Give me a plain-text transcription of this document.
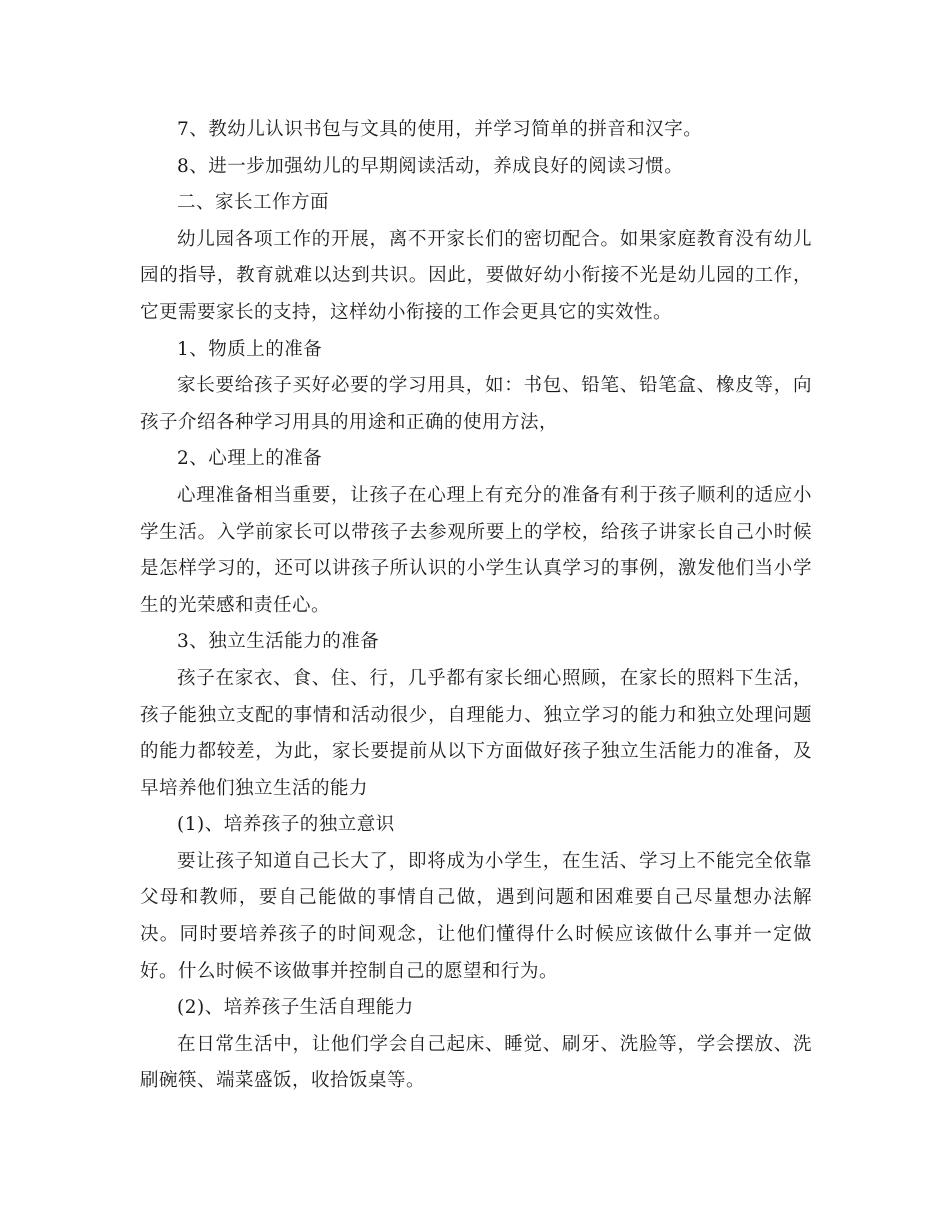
7、教幼儿认识书包与文具的使用，并学习简单的拼音和汉字。

8、进一步加强幼儿的早期阅读活动，养成良好的阅读习惯。

二、家长工作方面

幼儿园各项工作的开展，离不开家长们的密切配合。如果家庭教育没有幼儿园的指导，教育就难以达到共识。因此，要做好幼小衔接不光是幼儿园的工作，它更需要家长的支持，这样幼小衔接的工作会更具它的实效性。

1、物质上的准备

家长要给孩子买好必要的学习用具，如：书包、铅笔、铅笔盒、橡皮等，向孩子介绍各种学习用具的用途和正确的使用方法，

2、心理上的准备

心理准备相当重要，让孩子在心理上有充分的准备有利于孩子顺利的适应小学生活。入学前家长可以带孩子去参观所要上的学校，给孩子讲家长自己小时候是怎样学习的，还可以讲孩子所认识的小学生认真学习的事例，激发他们当小学生的光荣感和责任心。

3、独立生活能力的准备

孩子在家衣、食、住、行，几乎都有家长细心照顾，在家长的照料下生活，孩子能独立支配的事情和活动很少，自理能力、独立学习的能力和独立处理问题的能力都较差，为此，家长要提前从以下方面做好孩子独立生活能力的准备，及早培养他们独立生活的能力

(1)、培养孩子的独立意识

要让孩子知道自己长大了，即将成为小学生，在生活、学习上不能完全依靠父母和教师，要自己能做的事情自己做，遇到问题和困难要自己尽量想办法解决。同时要培养孩子的时间观念，让他们懂得什么时候应该做什么事并一定做好。什么时候不该做事并控制自己的愿望和行为。

(2)、培养孩子生活自理能力

在日常生活中，让他们学会自己起床、睡觉、刷牙、洗脸等，学会摆放、洗刷碗筷、端菜盛饭，收拾饭桌等。
